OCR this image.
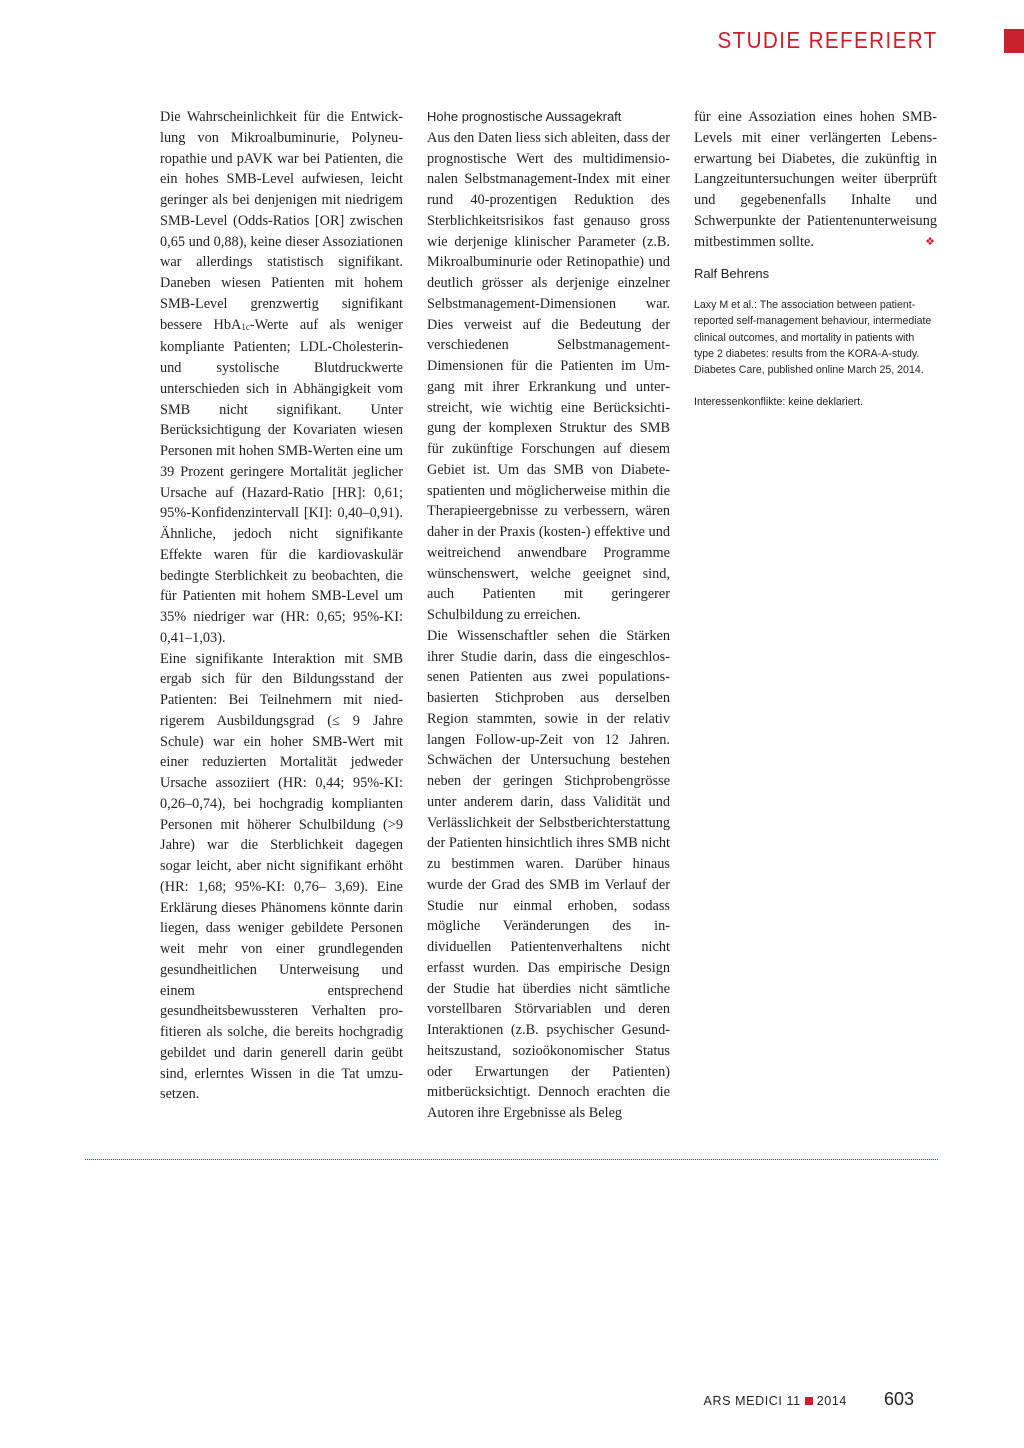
STUDIE REFERIERT

Die Wahrscheinlichkeit für die Entwicklung von Mikroalbuminurie, Polyneuropathie und pAVK war bei Patienten, die ein hohes SMB-Level aufwiesen, leicht geringer als bei denjenigen mit niedrigem SMB-Level (Odds-Ratios [OR] zwischen 0,65 und 0,88), keine dieser Assoziationen war allerdings statistisch signifikant. Daneben wiesen Patienten mit hohem SMB-Level grenzwertig signifikant bessere HbA1c-Werte auf als weniger kompliante Patienten; LDL-Cholesterin- und systolische Blutdruckwerte unterschieden sich in Abhängigkeit vom SMB nicht signifikant. Unter Berücksichtigung der Kovariaten wiesen Personen mit hohen SMB-Werten eine um 39 Prozent geringere Mortalität jeglicher Ursache auf (Hazard-Ratio [HR]: 0,61; 95%-Konfidenzintervall [KI]: 0,40–0,91). Ähnliche, jedoch nicht signifikante Effekte waren für die kardiovaskulär bedingte Sterblichkeit zu beobachten, die für Patienten mit hohem SMB-Level um 35% niedriger war (HR: 0,65; 95%-KI: 0,41–1,03).

Eine signifikante Interaktion mit SMB ergab sich für den Bildungsstand der Patienten: Bei Teilnehmern mit niedrigerem Ausbildungsgrad (≤ 9 Jahre Schule) war ein hoher SMB-Wert mit einer reduzierten Mortalität jedweder Ursache assoziiert (HR: 0,44; 95%-KI: 0,26–0,74), bei hochgradig komplianten Personen mit höherer Schulbildung (>9 Jahre) war die Sterblichkeit dagegen sogar leicht, aber nicht signifikant erhöht (HR: 1,68; 95%-KI: 0,76– 3,69). Eine Erklärung dieses Phänomens könnte darin liegen, dass weniger gebildete Personen weit mehr von einer grundlegenden gesundheitlichen Unterweisung und einem entsprechend gesundheitsbewussteren Verhalten profitieren als solche, die bereits hochgradig gebildet und darin generell darin geübt sind, erlerntes Wissen in die Tat umzusetzen.

Hohe prognostische Aussagekraft

Aus den Daten liess sich ableiten, dass der prognostische Wert des multidimensionalen Selbstmanagement-Index mit einer rund 40-prozentigen Reduktion des Sterblichkeitsrisikos fast genauso gross wie derjenige klinischer Parameter (z.B. Mikroalbuminurie oder Retinopathie) und deutlich grösser als derjenige einzelner Selbstmanagement-Dimensionen war. Dies verweist auf die Bedeutung der verschiedenen Selbstmanagement-Dimensionen für die Patienten im Umgang mit ihrer Erkrankung und unterstreicht, wie wichtig eine Berücksichtigung der komplexen Struktur des SMB für zukünftige Forschungen auf diesem Gebiet ist. Um das SMB von Diabetespatienten und möglicherweise mithin die Therapieergebnisse zu verbessern, wären daher in der Praxis (kosten-) effektive und weitreichend anwendbare Programme wünschenswert, welche geeignet sind, auch Patienten mit geringerer Schulbildung zu erreichen.

Die Wissenschaftler sehen die Stärken ihrer Studie darin, dass die eingeschlossenen Patienten aus zwei populationsbasierten Stichproben aus derselben Region stammten, sowie in der relativ langen Follow-up-Zeit von 12 Jahren. Schwächen der Untersuchung bestehen neben der geringen Stichprobengrösse unter anderem darin, dass Validität und Verlässlichkeit der Selbstberichterstattung der Patienten hinsichtlich ihres SMB nicht zu bestimmen waren. Darüber hinaus wurde der Grad des SMB im Verlauf der Studie nur einmal erhoben, sodass mögliche Veränderungen des individuellen Patientenverhaltens nicht erfasst wurden. Das empirische Design der Studie hat überdies nicht sämtliche vorstellbaren Störvariablen und deren Interaktionen (z.B. psychischer Gesundheitszustand, sozioökonomischer Status oder Erwartungen der Patienten) mitberücksichtigt. Dennoch erachten die Autoren ihre Ergebnisse als Beleg

für eine Assoziation eines hohen SMB-Levels mit einer verlängerten Lebenserwartung bei Diabetes, die zukünftig in Langzeituntersuchungen weiter überprüft und gegebenenfalls Inhalte und Schwerpunkte der Patientenunterweisung mitbestimmen sollte.	❖

Ralf Behrens
Laxy M et al.: The association between patient-reported self-management behaviour, intermediate clinical outcomes, and mortality in patients with type 2 diabetes: results from the KORA-A-study. Diabetes Care, published online March 25, 2014.
Interessenkonflikte: keine deklariert.
ARS MEDICI 11 2014 603
